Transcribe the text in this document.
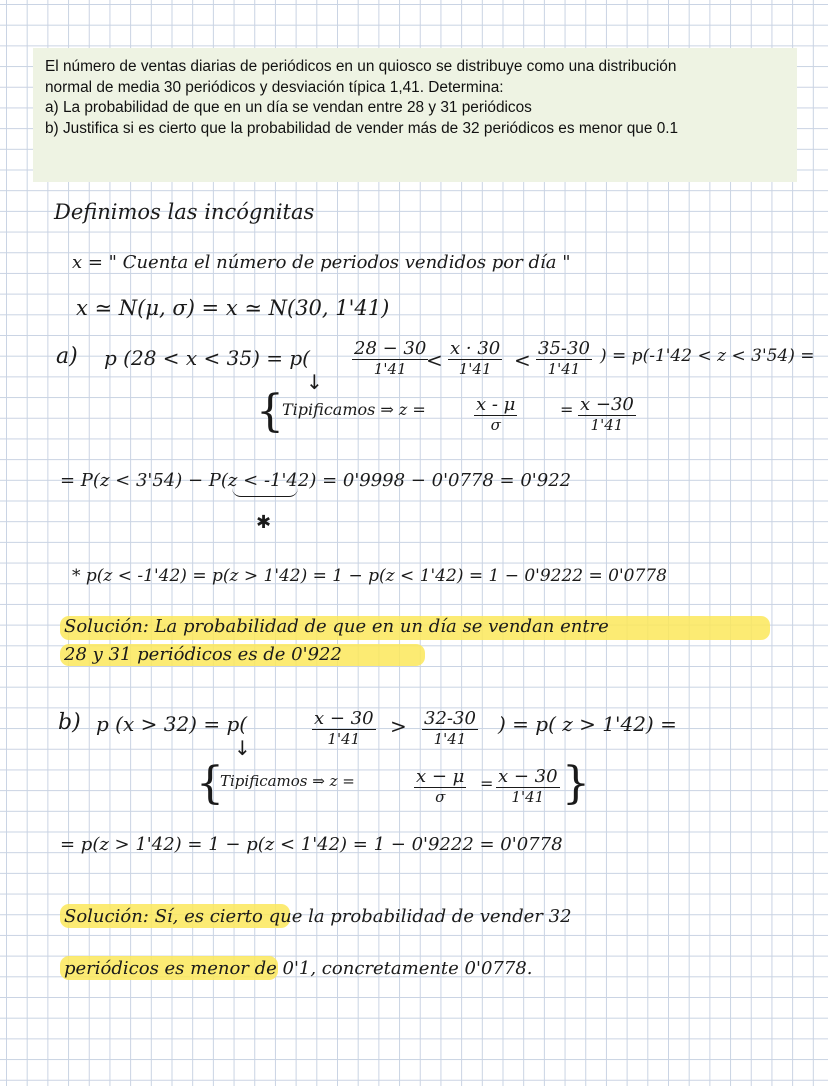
El número de ventas diarias de periódicos en un quiosco se distribuye como una distribución
normal de media 30 periódicos y desviación típica 1,41. Determina:
a) La probabilidad de que en un día se vendan entre 28 y 31 periódicos
b) Justifica si es cierto que la probabilidad de vender más de 32 periódicos es menor que 0.1
Definimos las incógnitas
x = " Cuenta el número de periodos vendidos por día "
x ≃ N(μ, σ) = x ≃ N(30, 1'41)
a) p (28 < x < 35) = p( 28 − 30
1'41 < x · 30
1'41	< 35-30
1'41
) = p(-1'42 < z < 3'54) =
↓
{
Tipificamos ⇒ z =	x - μ
σ
= x −30
1'41
= P(z < 3'54) − P(z < -1'42) = 0'9998 − 0'0778 = 0'922
✱
* p(z < -1'42) = p(z > 1'42) = 1 − p(z < 1'42) = 1 − 0'9222 = 0'0778
Solución: La probabilidad de que en un día se vendan entre
28 y 31 periódicos es de 0'922
b) p (x > 32) = p(	x − 30
1'41
> 32-30
1'41
) = p( z > 1'42) =
↓
{
Tipificamos ⇒ z =	x − μ
σ
= x − 30
1'41 }
= p(z > 1'42) = 1 − p(z < 1'42) = 1 − 0'9222 = 0'0778
Solución: Sí, es cierto que la probabilidad de vender 32
periódicos es menor de 0'1, concretamente 0'0778.
